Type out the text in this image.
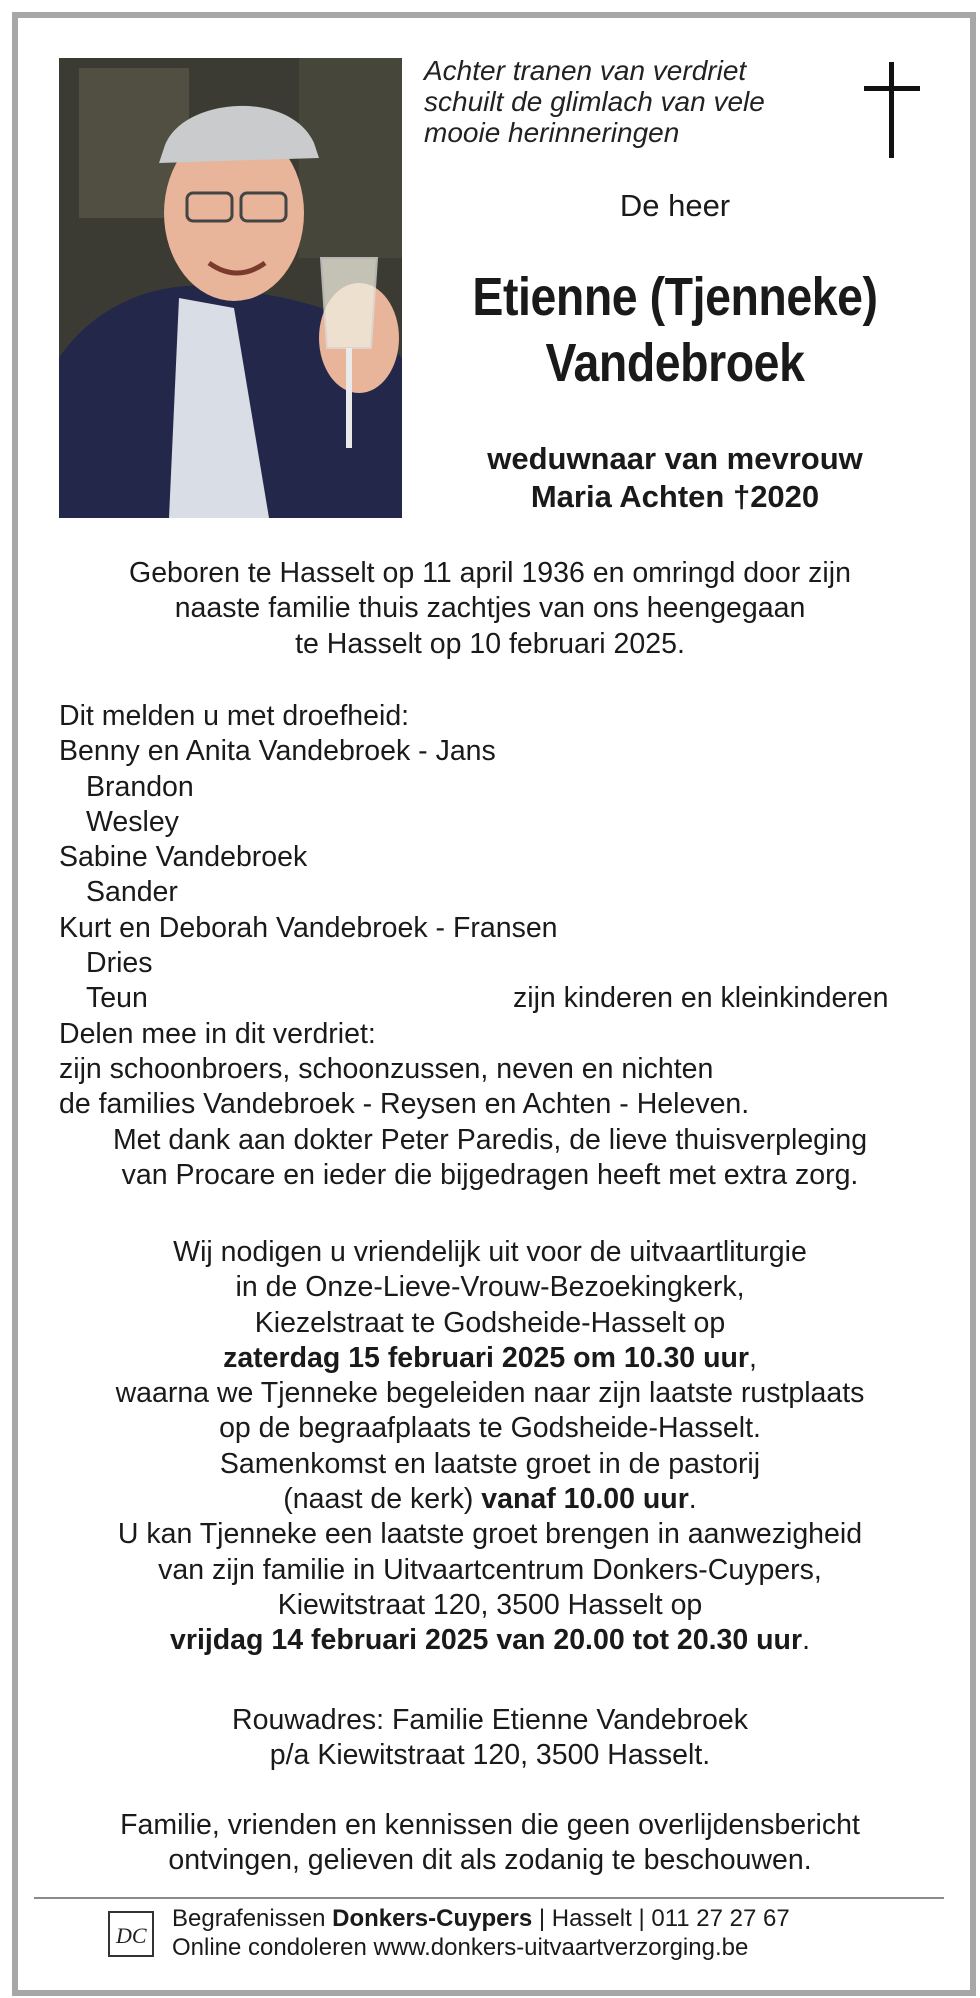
Achter tranen van verdriet
schuilt de glimlach van vele
mooie herinneringen
De heer
Etienne (Tjenneke)
Vandebroek
weduwnaar van mevrouw
Maria Achten †2020
Geboren te Hasselt op 11 april 1936 en omringd door zijn
naaste familie thuis zachtjes van ons heengegaan
te Hasselt op 10 februari 2025.
Dit melden u met droefheid:
Benny en Anita Vandebroek - Jans
Brandon
Wesley
Sabine Vandebroek
Sander
Kurt en Deborah Vandebroek - Fransen
Dries
Teun	zijn kinderen en kleinkinderen
Delen mee in dit verdriet:
zijn schoonbroers, schoonzussen, neven en nichten
de families Vandebroek - Reysen en Achten - Heleven.
Met dank aan dokter Peter Paredis, de lieve thuisverpleging
van Procare en ieder die bijgedragen heeft met extra zorg.
Wij nodigen u vriendelijk uit voor de uitvaartliturgie
in de Onze-Lieve-Vrouw-Bezoekingkerk,
Kiezelstraat te Godsheide-Hasselt op
zaterdag 15 februari 2025 om 10.30 uur,
waarna we Tjenneke begeleiden naar zijn laatste rustplaats
op de begraafplaats te Godsheide-Hasselt.
Samenkomst en laatste groet in de pastorij
(naast de kerk) vanaf 10.00 uur.
U kan Tjenneke een laatste groet brengen in aanwezigheid
van zijn familie in Uitvaartcentrum Donkers-Cuypers,
Kiewitstraat 120, 3500 Hasselt op
vrijdag 14 februari 2025 van 20.00 tot 20.30 uur.
Rouwadres: Familie Etienne Vandebroek
p/a Kiewitstraat 120, 3500 Hasselt.
Familie, vrienden en kennissen die geen overlijdensbericht
ontvingen, gelieven dit als zodanig te beschouwen.
DC
Begrafenissen Donkers-Cuypers | Hasselt | 011 27 27 67
Online condoleren www.donkers-uitvaartverzorging.be
